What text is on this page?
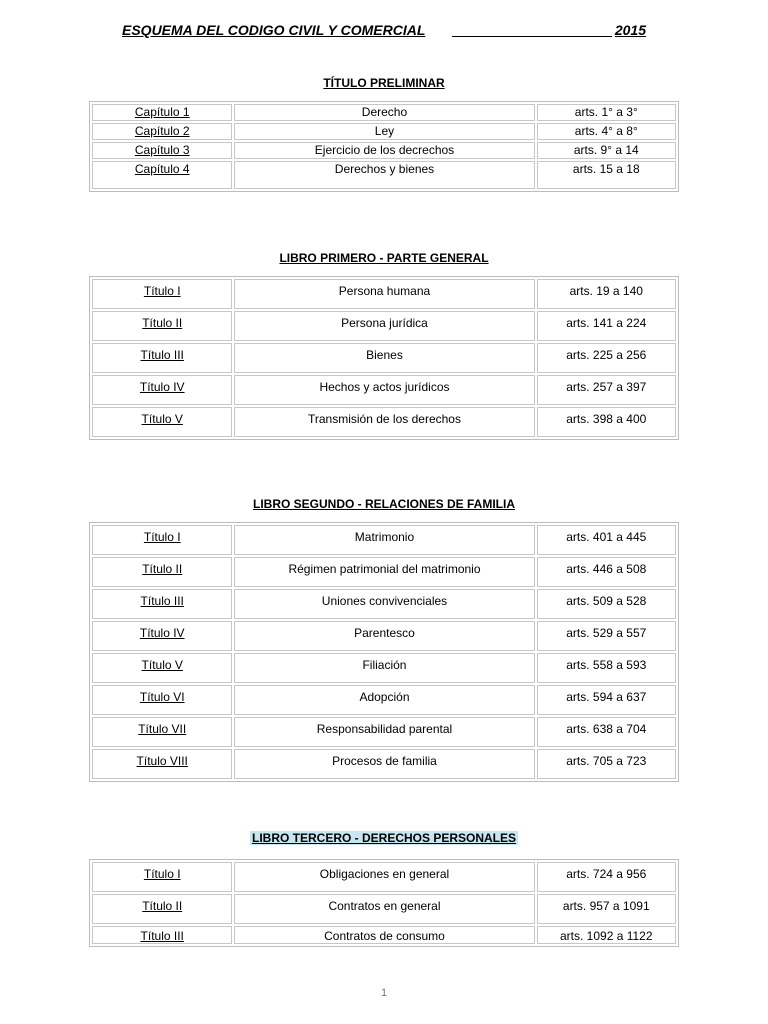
ESQUEMA DEL CODIGO CIVIL Y COMERCIAL	2015
TÍTULO PRELIMINAR
Capítulo 1	Derecho	arts. 1° a 3°
Capítulo 2	Ley	arts. 4° a 8°
Capítulo 3	Ejercicio de los decrechos	arts. 9° a 14
Capítulo 4	Derechos y bienes	arts. 15 a 18
LIBRO PRIMERO - PARTE GENERAL
Título I	Persona humana	arts. 19 a 140
Título II	Persona jurídica	arts. 141 a 224
Título III	Bienes	arts. 225 a 256
Título IV	Hechos y actos jurídicos	arts. 257 a 397
Título V	Transmisión de los derechos	arts. 398 a 400
LIBRO SEGUNDO - RELACIONES DE FAMILIA
Título I	Matrimonio	arts. 401 a 445
Título II	Régimen patrimonial del matrimonio	arts. 446 a 508
Título III	Uniones convivenciales	arts. 509 a 528
Título IV	Parentesco	arts. 529 a 557
Título V	Filiación	arts. 558 a 593
Título VI	Adopción	arts. 594 a 637
Título VII	Responsabilidad parental	arts. 638 a 704
Título VIII	Procesos de familia	arts. 705 a 723
LIBRO TERCERO - DERECHOS PERSONALES
Título I	Obligaciones en general	arts. 724 a 956
Título II	Contratos en general	arts. 957 a 1091
Título III	Contratos de consumo	arts. 1092 a 1122
1
